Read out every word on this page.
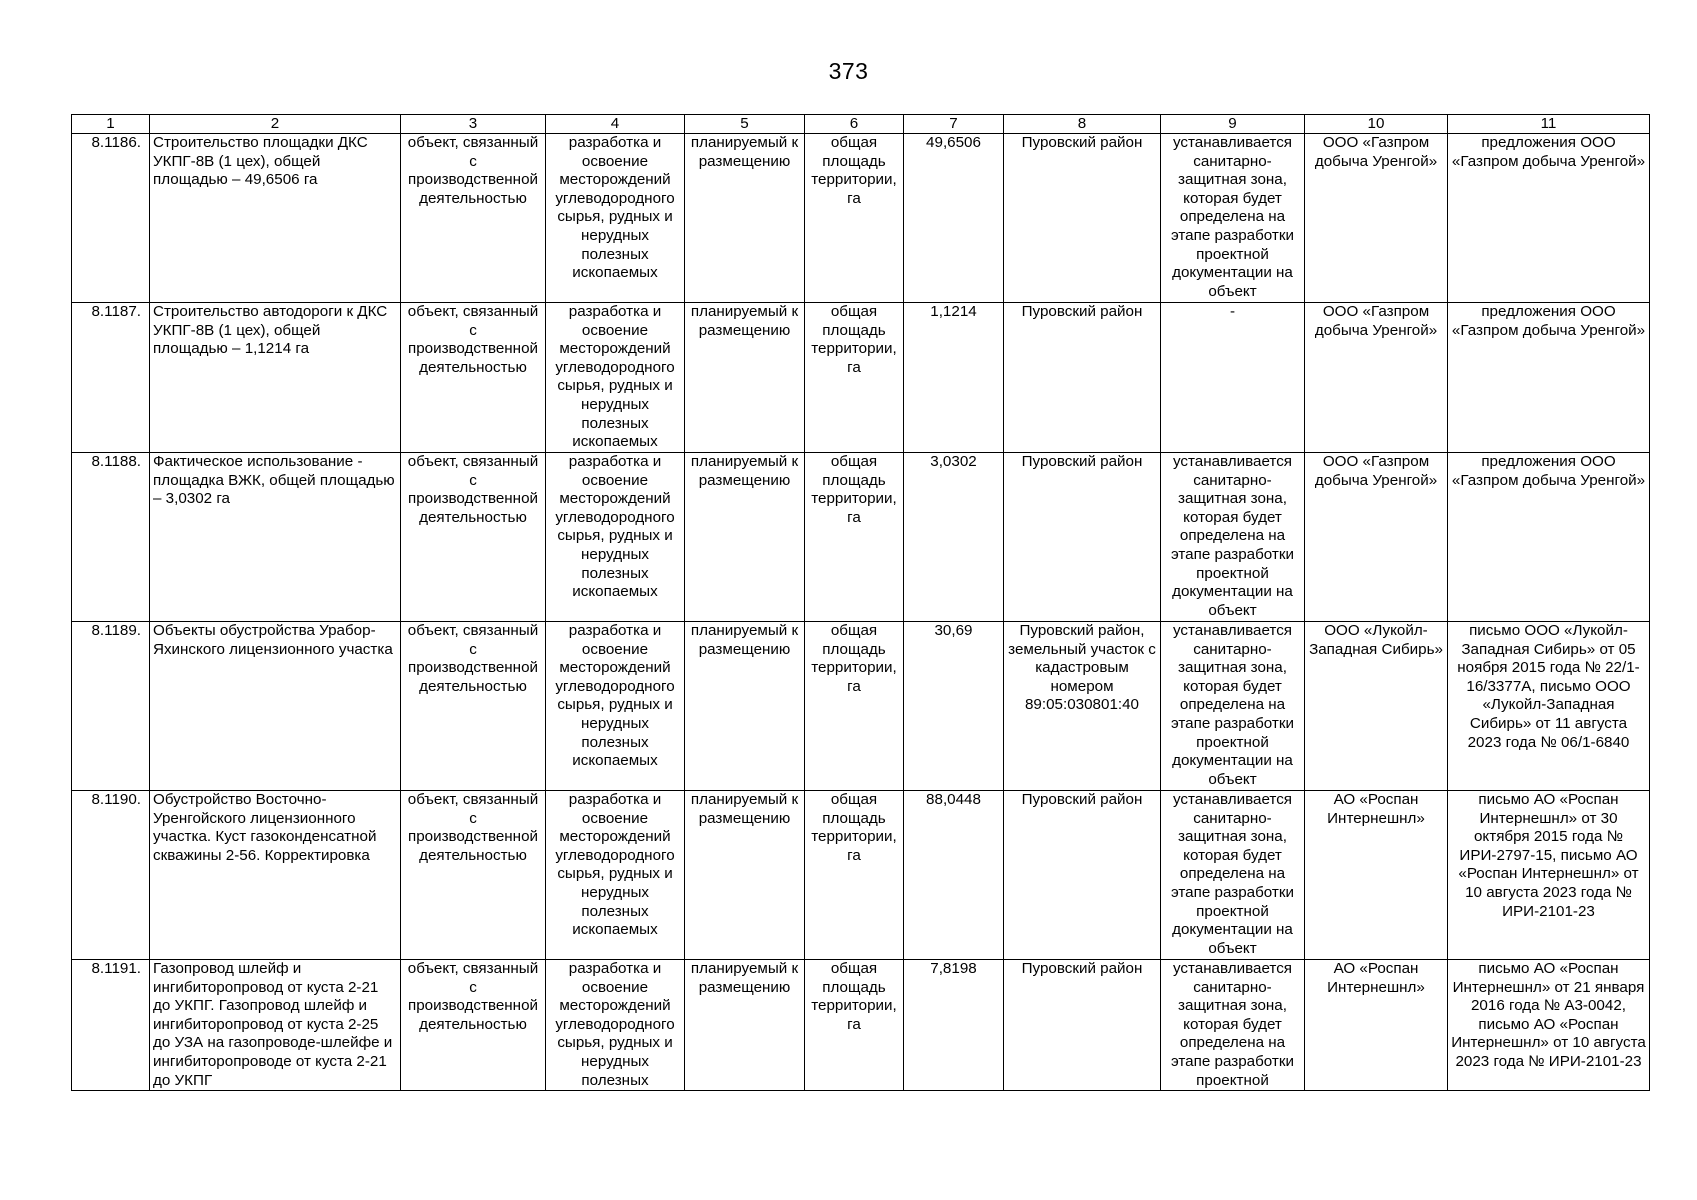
373
1	2	3	4	5	6	7	8	9	10	11
8.1186.	Строительство площадки ДКС УКПГ-8В (1 цех), общей площадью – 49,6506 га	объект, связанный с производственной деятельностью	разработка и освоение месторождений углеводородного сырья, рудных и нерудных полезных ископаемых	планируемый к размещению	общая площадь территории, га	49,6506	Пуровский район	устанавливается санитарно-защитная зона, которая будет определена на этапе разработки проектной документации на объект	ООО «Газпром добыча Уренгой»	предложения ООО «Газпром добыча Уренгой»
8.1187.	Строительство автодороги к ДКС УКПГ-8В (1 цех), общей площадью – 1,1214 га	объект, связанный с производственной деятельностью	разработка и освоение месторождений углеводородного сырья, рудных и нерудных полезных ископаемых	планируемый к размещению	общая площадь территории, га	1,1214	Пуровский район	-	ООО «Газпром добыча Уренгой»	предложения ООО «Газпром добыча Уренгой»
8.1188.	Фактическое использование - площадка ВЖК, общей площадью – 3,0302 га	объект, связанный с производственной деятельностью	разработка и освоение месторождений углеводородного сырья, рудных и нерудных полезных ископаемых	планируемый к размещению	общая площадь территории, га	3,0302	Пуровский район	устанавливается санитарно-защитная зона, которая будет определена на этапе разработки проектной документации на объект	ООО «Газпром добыча Уренгой»	предложения ООО «Газпром добыча Уренгой»
8.1189.	Объекты обустройства Урабор-Яхинского лицензионного участка	объект, связанный с производственной деятельностью	разработка и освоение месторождений углеводородного сырья, рудных и нерудных полезных ископаемых	планируемый к размещению	общая площадь территории, га	30,69	Пуровский район, земельный участок с кадастровым номером 89:05:030801:40	устанавливается санитарно-защитная зона, которая будет определена на этапе разработки проектной документации на объект	ООО «Лукойл-Западная Сибирь»	письмо ООО «Лукойл-Западная Сибирь» от 05 ноября 2015 года № 22/1-16/3377А, письмо ООО «Лукойл-Западная Сибирь» от 11 августа 2023 года № 06/1-6840
8.1190.	Обустройство Восточно-Уренгойского лицензионного участка. Куст газоконденсатной скважины 2-56. Корректировка	объект, связанный с производственной деятельностью	разработка и освоение месторождений углеводородного сырья, рудных и нерудных полезных ископаемых	планируемый к размещению	общая площадь территории, га	88,0448	Пуровский район	устанавливается санитарно-защитная зона, которая будет определена на этапе разработки проектной документации на объект	АО «Роспан Интернешнл»	письмо АО «Роспан Интернешнл» от 30 октября 2015 года № ИРИ-2797-15, письмо АО «Роспан Интернешнл» от 10 августа 2023 года № ИРИ-2101-23
8.1191.	Газопровод шлейф и ингибиторопровод от куста 2-21 до УКПГ. Газопровод шлейф и ингибиторопровод от куста 2-25 до УЗА на газопроводе-шлейфе и ингибиторопроводе от куста 2-21 до УКПГ	объект, связанный с производственной деятельностью	разработка и освоение месторождений углеводородного сырья, рудных и нерудных полезных	планируемый к размещению	общая площадь территории, га	7,8198	Пуровский район	устанавливается санитарно-защитная зона, которая будет определена на этапе разработки проектной	АО «Роспан Интернешнл»	письмо АО «Роспан Интернешнл» от 21 января 2016 года № А3-0042, письмо АО «Роспан Интернешнл» от 10 августа 2023 года № ИРИ-2101-23
